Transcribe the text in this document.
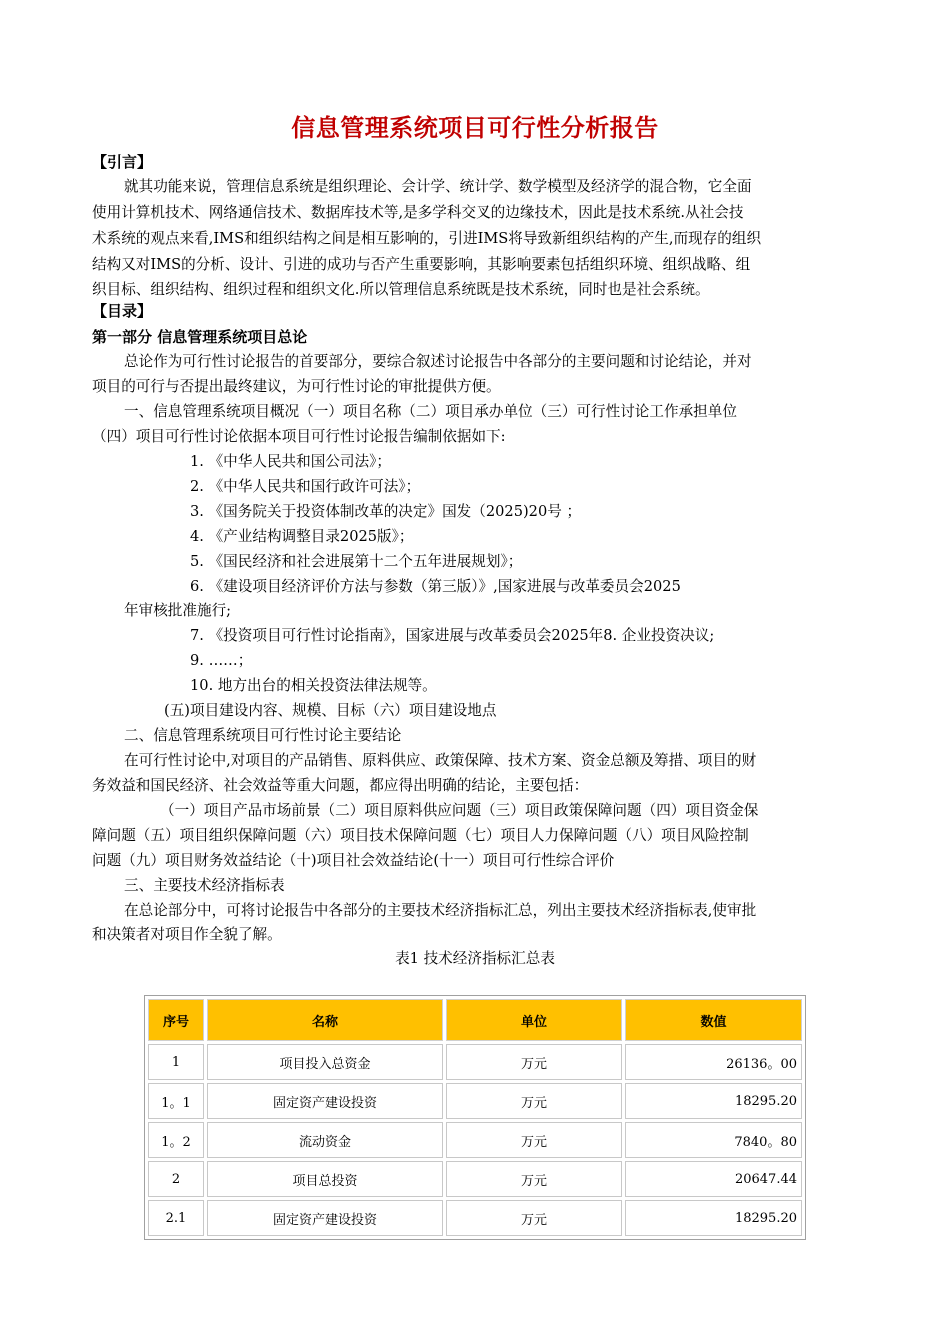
信息管理系统项目可行性分析报告
【引言】
就其功能来说，管理信息系统是组织理论、会计学、统计学、数学模型及经济学的混合物，它全面
使用计算机技术、网络通信技术、数据库技术等,是多学科交叉的边缘技术，因此是技术系统.从社会技
术系统的观点来看,IMS和组织结构之间是相互影响的，引进IMS将导致新组织结构的产生,而现存的组织
结构又对IMS的分析、设计、引进的成功与否产生重要影响，其影响要素包括组织环境、组织战略、组
织目标、组织结构、组织过程和组织文化.所以管理信息系统既是技术系统，同时也是社会系统。
【目录】
第一部分 信息管理系统项目总论
总论作为可行性讨论报告的首要部分，要综合叙述讨论报告中各部分的主要问题和讨论结论，并对
项目的可行与否提出最终建议，为可行性讨论的审批提供方便。
一、信息管理系统项目概况（一）项目名称（二）项目承办单位（三）可行性讨论工作承担单位
（四）项目可行性讨论依据本项目可行性讨论报告编制依据如下:
1. 《中华人民共和国公司法》；
2. 《中华人民共和国行政许可法》；
3. 《国务院关于投资体制改革的决定》国发（2025)20号 ；
4. 《产业结构调整目录2025版》；
5. 《国民经济和社会进展第十二个五年进展规划》；
6. 《建设项目经济评价方法与参数（第三版）》,国家进展与改革委员会2025
年审核批准施行;
7. 《投资项目可行性讨论指南》，国家进展与改革委员会2025年8. 企业投资决议;
9. ……；
10. 地方出台的相关投资法律法规等。
(五)项目建设内容、规模、目标（六）项目建设地点
二、信息管理系统项目可行性讨论主要结论
在可行性讨论中,对项目的产品销售、原料供应、政策保障、技术方案、资金总额及筹措、项目的财
务效益和国民经济、社会效益等重大问题，都应得出明确的结论，主要包括：
（一）项目产品市场前景（二）项目原料供应问题（三）项目政策保障问题（四）项目资金保
障问题（五）项目组织保障问题（六）项目技术保障问题（七）项目人力保障问题（八）项目风险控制
问题（九）项目财务效益结论（十)项目社会效益结论(十一）项目可行性综合评价
三、主要技术经济指标表
在总论部分中，可将讨论报告中各部分的主要技术经济指标汇总，列出主要技术经济指标表,使审批
和决策者对项目作全貌了解。
表1 技术经济指标汇总表
序号	名称	单位	数值
1	项目投入总资金	万元	26136。00
1。1	固定资产建设投资	万元	18295.20
1。2	流动资金	万元	7840。80
2	项目总投资	万元	20647.44
2.1	固定资产建设投资	万元	18295.20
